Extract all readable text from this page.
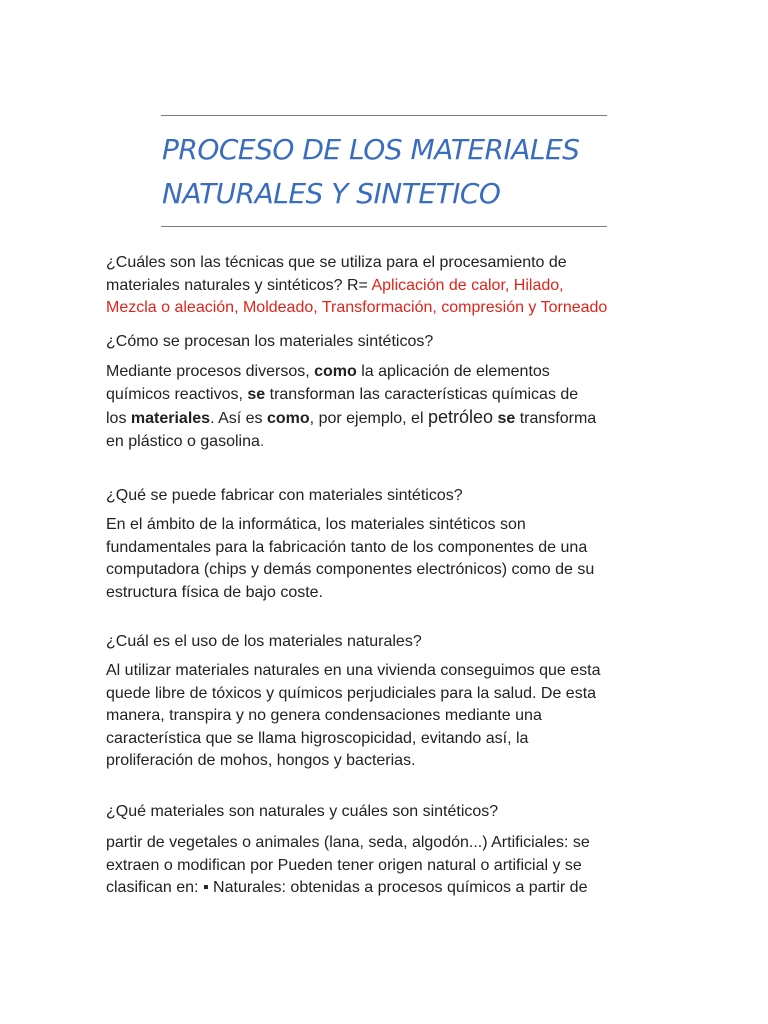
PROCESO DE LOS MATERIALES
NATURALES Y SINTETICO
¿Cuáles son las técnicas que se utiliza para el procesamiento de
materiales naturales y sintéticos? R= Aplicación de calor, Hilado,
Mezcla o aleación, Moldeado, Transformación, compresión y Torneado
¿Cómo se procesan los materiales sintéticos?
Mediante procesos diversos, como la aplicación de elementos
químicos reactivos, se transforman las características químicas de
los materiales. Así es como, por ejemplo, el petróleo se transforma
en plástico o gasolina.
¿Qué se puede fabricar con materiales sintéticos?
En el ámbito de la informática, los materiales sintéticos son
fundamentales para la fabricación tanto de los componentes de una
computadora (chips y demás componentes electrónicos) como de su
estructura física de bajo coste.
¿Cuál es el uso de los materiales naturales?
Al utilizar materiales naturales en una vivienda conseguimos que esta
quede libre de tóxicos y químicos perjudiciales para la salud. De esta
manera, transpira y no genera condensaciones mediante una
característica que se llama higroscopicidad, evitando así, la
proliferación de mohos, hongos y bacterias.
¿Qué materiales son naturales y cuáles son sintéticos?
partir de vegetales o animales (lana, seda, algodón...) Artificiales: se
extraen o modifican por Pueden tener origen natural o artificial y se
clasifican en: ▪ Naturales: obtenidas a procesos químicos a partir de
